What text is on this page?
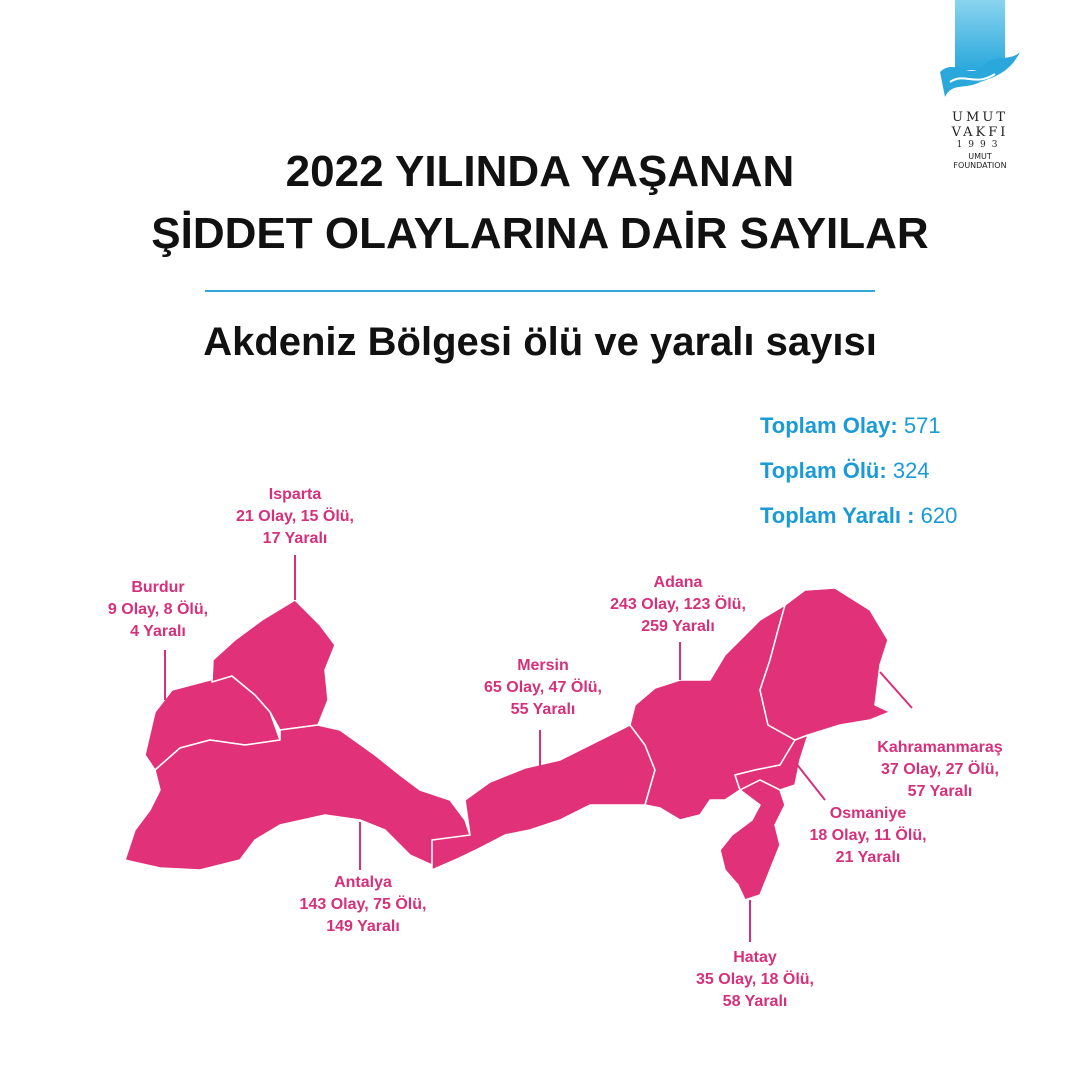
UMUT
VAKFI
1993
UMUT
FOUNDATION
2022 YILINDA YAŞANAN
ŞİDDET OLAYLARINA DAİR SAYILAR
Akdeniz Bölgesi ölü ve yaralı sayısı
Toplam Olay: 571
Toplam Ölü: 324
Toplam Yaralı : 620
Isparta
21 Olay, 15 Ölü,
17 Yaralı
Burdur
9 Olay, 8 Ölü,
4 Yaralı
Antalya
143 Olay, 75 Ölü,
149 Yaralı
Mersin
65 Olay, 47 Ölü,
55 Yaralı
Adana
243 Olay, 123 Ölü,
259 Yaralı
Kahramanmaraş
37 Olay, 27 Ölü,
57 Yaralı
Osmaniye
18 Olay, 11 Ölü,
21 Yaralı
Hatay
35 Olay, 18 Ölü,
58 Yaralı
